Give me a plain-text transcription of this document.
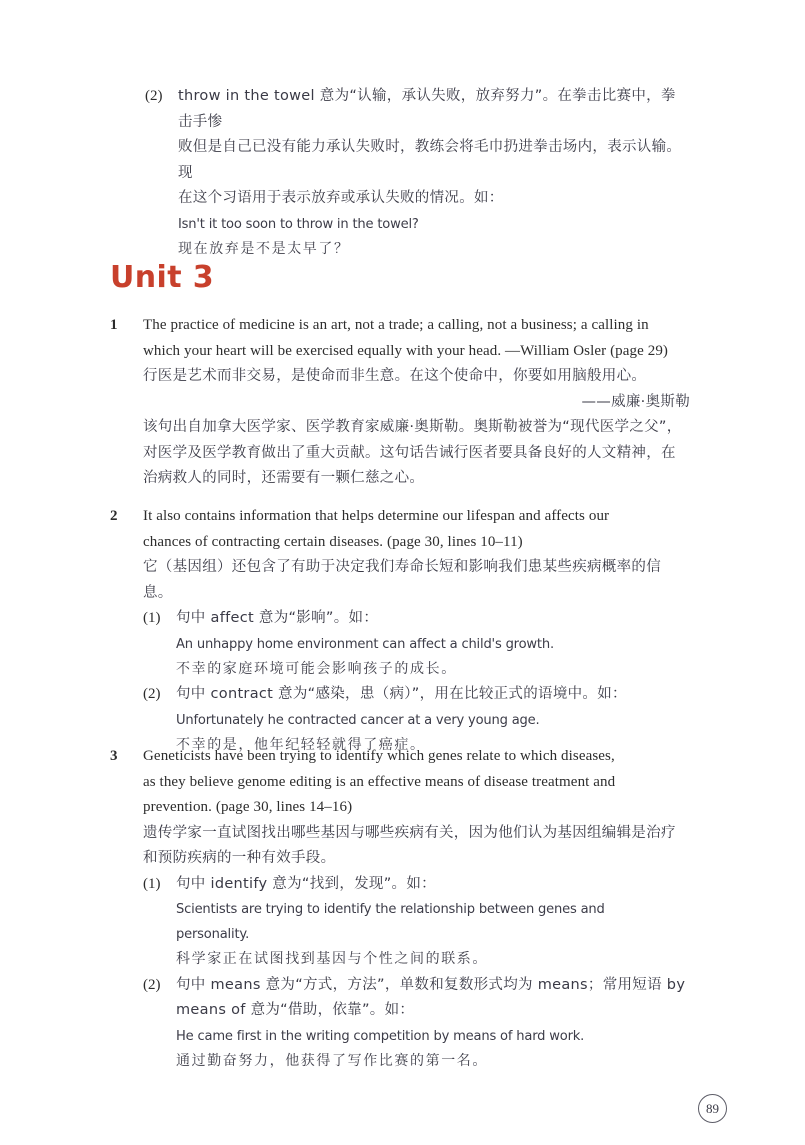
(2)	throw in the towel 意为“认输，承认失败，放弃努力”。在拳击比赛中，拳击手惨
败但是自己已没有能力承认失败时，教练会将毛巾扔进拳击场内，表示认输。现
在这个习语用于表示放弃或承认失败的情况。如：
Isn't it too soon to throw in the towel?
现在放弃是不是太早了？
Unit 3
1	The practice of medicine is an art, not a trade; a calling, not a business; a calling in
which your heart will be exercised equally with your head. —William Osler (page 29)
行医是艺术而非交易，是使命而非生意。在这个使命中，你要如用脑般用心。
——威廉·奥斯勒
该句出自加拿大医学家、医学教育家威廉·奥斯勒。奥斯勒被誉为“现代医学之父”，
对医学及医学教育做出了重大贡献。这句话告诫行医者要具备良好的人文精神，在
治病救人的同时，还需要有一颗仁慈之心。
2	It also contains information that helps determine our lifespan and affects our
chances of contracting certain diseases. (page 30, lines 10–11)
它（基因组）还包含了有助于决定我们寿命长短和影响我们患某些疾病概率的信息。
(1)	句中 affect 意为“影响”。如：
An unhappy home environment can affect a child's growth.
不幸的家庭环境可能会影响孩子的成长。
(2)	句中 contract 意为“感染，患（病）”，用在比较正式的语境中。如：
Unfortunately he contracted cancer at a very young age.
不幸的是，他年纪轻轻就得了癌症。
3	Geneticists have been trying to identify which genes relate to which diseases,
as they believe genome editing is an effective means of disease treatment and
prevention. (page 30, lines 14–16)
遗传学家一直试图找出哪些基因与哪些疾病有关，因为他们认为基因组编辑是治疗
和预防疾病的一种有效手段。
(1)	句中 identify 意为“找到，发现”。如：
Scientists are trying to identify the relationship between genes and personality.
科学家正在试图找到基因与个性之间的联系。
(2)	句中 means 意为“方式，方法”，单数和复数形式均为 means；常用短语 by
means of 意为“借助，依靠”。如：
He came first in the writing competition by means of hard work.
通过勤奋努力，他获得了写作比赛的第一名。
89
